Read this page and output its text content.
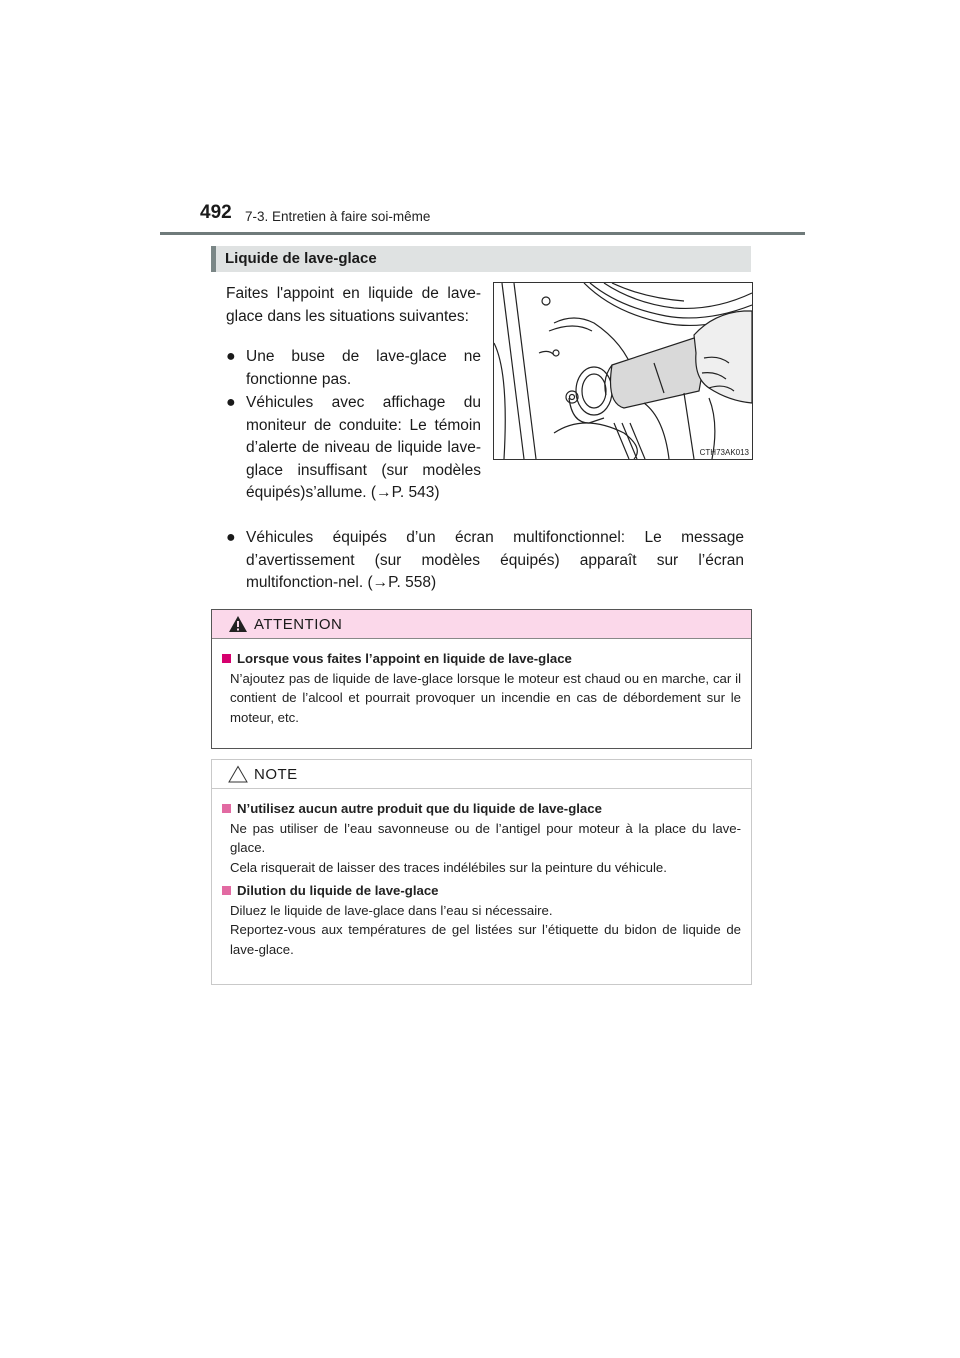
492 7-3. Entretien à faire soi-même
Liquide de lave-glace
Faites l'appoint en liquide de lave-glace dans les situations suivantes:
● Une buse de lave-glace ne fonctionne pas.
● Véhicules avec affichage du moniteur de conduite: Le témoin d’alerte de niveau de liquide lave-glace insuffisant (sur modèles équipés)s’allume. (→P. 543)
● Véhicules équipés d’un écran multifonctionnel: Le message d’avertissement (sur modèles équipés) apparaît sur l’écran multifonction-nel. (→P. 558)
CTH73AK013
ATTENTION
Lorsque vous faites l’appoint en liquide de lave-glace
N’ajoutez pas de liquide de lave-glace lorsque le moteur est chaud ou en marche, car il contient de l’alcool et pourrait provoquer un incendie en cas de débordement sur le moteur, etc.
NOTE
N’utilisez aucun autre produit que du liquide de lave-glace
Ne pas utiliser de l’eau savonneuse ou de l’antigel pour moteur à la place du lave-glace.
Cela risquerait de laisser des traces indélébiles sur la peinture du véhicule.
Dilution du liquide de lave-glace
Diluez le liquide de lave-glace dans l’eau si nécessaire.
Reportez-vous aux températures de gel listées sur l’étiquette du bidon de liquide de lave-glace.
